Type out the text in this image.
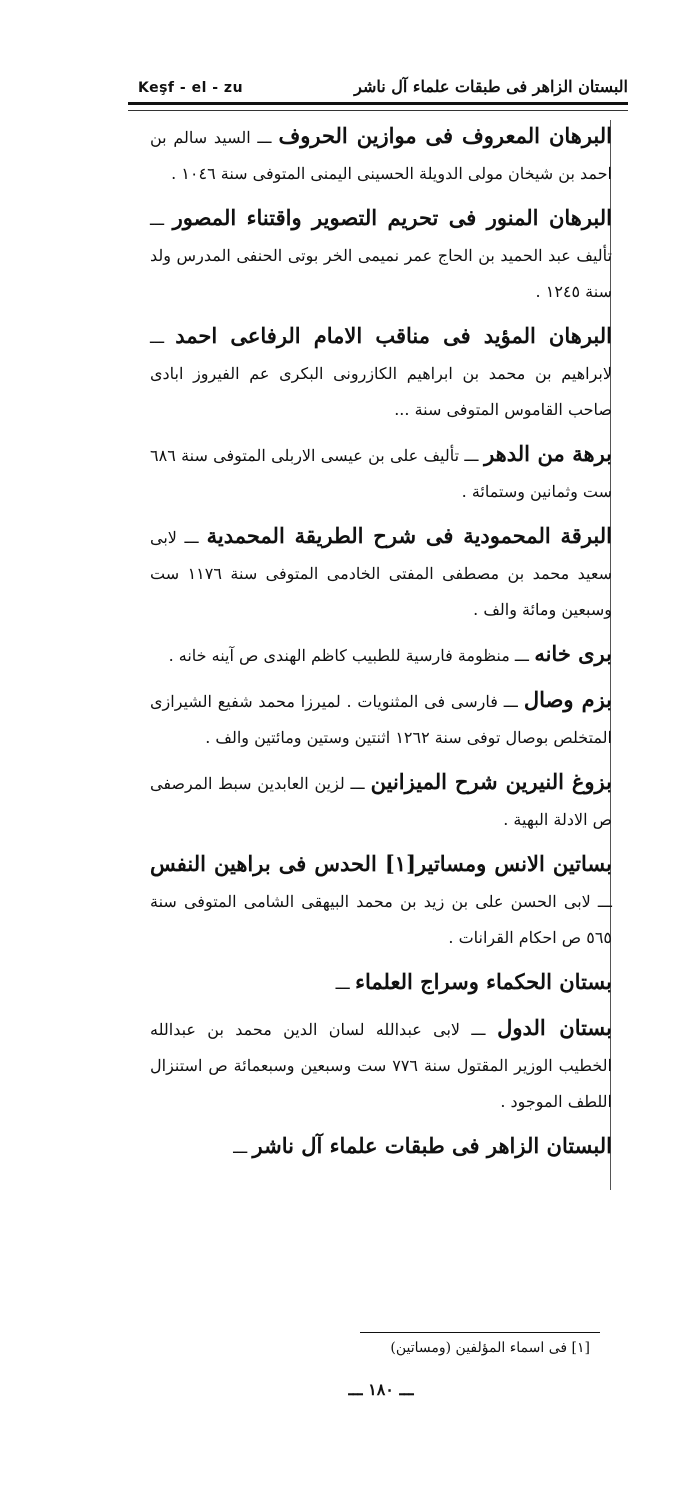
Keşf - el - zu	البستان الزاهر فى طبقات علماء آل ناشر

البرهان المعروف فى موازين الحروف ـــ السيد سالم بن احمد بن شيخان مولى الدويلة الحسينى اليمنى المتوفى سنة ١٠٤٦ .

البرهان المنور فى تحريم التصوير واقتناء المصور ـــ تأليف عبد الحميد بن الحاج عمر نميمى الخر بوتى الحنفى المدرس ولد سنة ١٢٤٥ .

البرهان المؤيد فى مناقب الامام الرفاعى احمد ـــ لابراهيم بن محمد بن ابراهيم الكازرونى البكرى عم الفيروز ابادى صاحب القاموس المتوفى سنة ...

برهة من الدهر ـــ تأليف على بن عيسى الاربلى المتوفى سنة ٦٨٦ ست وثمانين وستمائة .

البرقة المحمودية فى شرح الطريقة المحمدية ـــ لابى سعيد محمد بن مصطفى المفتى الخادمى المتوفى سنة ١١٧٦ ست وسبعين ومائة والف .

برى خانه ـــ منظومة فارسية للطبيب كاظم الهندى ص آينه خانه .

بزم وصال ـــ فارسى فى المثنويات . لميرزا محمد شفيع الشيرازى المتخلص بوصال توفى سنة ١٢٦٢ اثنتين وستين ومائتين والف .

بزوغ النيرين شرح الميزانين ـــ لزين العابدين سبط المرصفى ص الادلة البهية .

بساتين الانس ومساتير[١] الحدس فى براهين النفس ـــ لابى الحسن على بن زيد بن محمد البيهقى الشامى المتوفى سنة ٥٦٥ ص احكام القرانات .

بستان الحكماء وسراج العلماء ـــ

بستان الدول ـــ لابى عبدالله لسان الدين محمد بن عبدالله الخطيب الوزير المقتول سنة ٧٧٦ ست وسبعين وسبعمائة ص استنزال اللطف الموجود .

البستان الزاهر فى طبقات علماء آل ناشر ـــ

[١] فى اسماء المؤلفين (ومساتين)
ـــ ١٨٠ ـــ
